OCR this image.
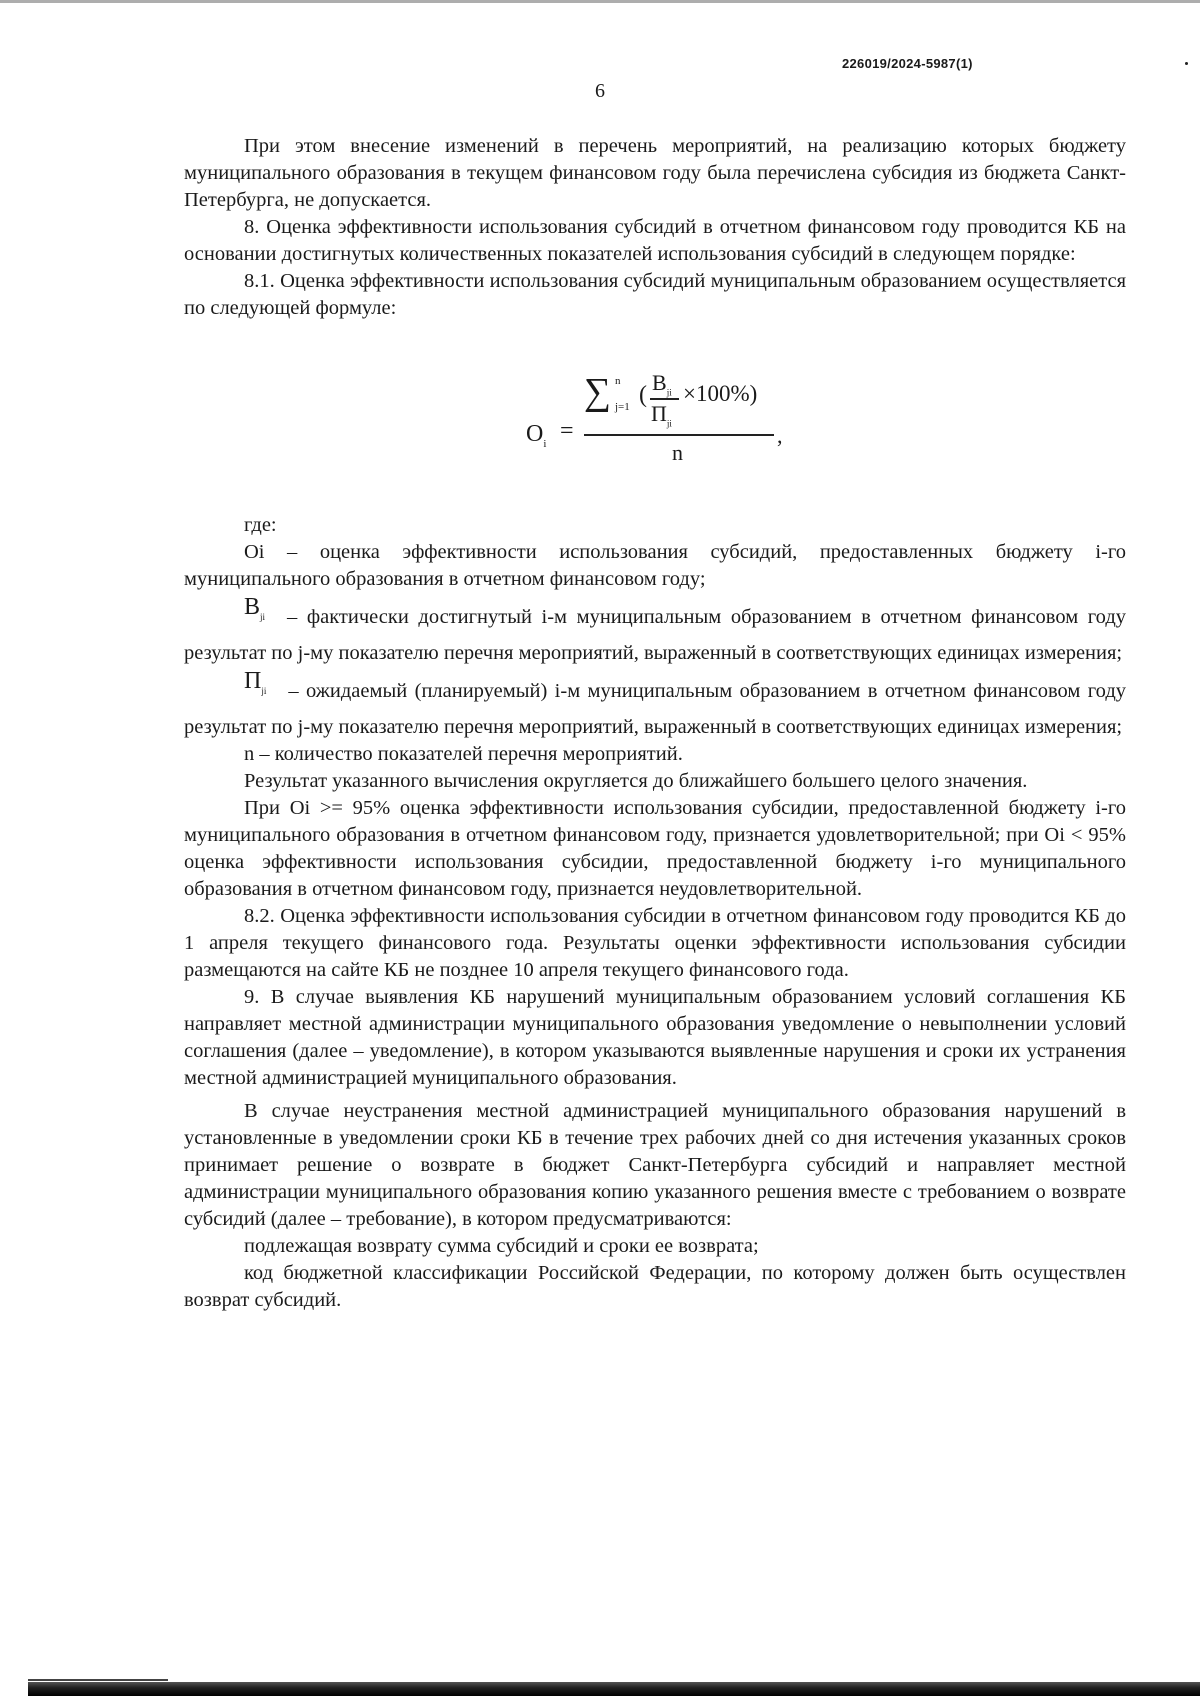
226019/2024-5987(1)
6

При этом внесение изменений в перечень мероприятий, на реализацию которых бюджету муниципального образования в текущем финансовом году была перечислена субсидия из бюджета Санкт-Петербурга, не допускается.

8. Оценка эффективности использования субсидий в отчетном финансовом году проводится КБ на основании достигнутых количественных показателей использования субсидий в следующем порядке:

8.1. Оценка эффективности использования субсидий муниципальным образованием осуществляется по следующей формуле:

$O_i$ =
∑ n
j=1 ( $B_{ji}$
$П_{ji}$
×100%)
n
,

где:

Oi – оценка эффективности использования субсидий, предоставленных бюджету i-го муниципального образования в отчетном финансовом году;

$B_{ji}$ – фактически достигнутый i-м муниципальным образованием в отчетном финансовом году результат по j-му показателю перечня мероприятий, выраженный в соответствующих единицах измерения;

$П_{ji}$ – ожидаемый (планируемый) i-м муниципальным образованием в отчетном финансовом году результат по j-му показателю перечня мероприятий, выраженный в соответствующих единицах измерения;

n – количество показателей перечня мероприятий.

Результат указанного вычисления округляется до ближайшего большего целого значения.

При Oi >= 95% оценка эффективности использования субсидии, предоставленной бюджету i-го муниципального образования в отчетном финансовом году, признается удовлетворительной; при Oi < 95% оценка эффективности использования субсидии, предоставленной бюджету i-го муниципального образования в отчетном финансовом году, признается неудовлетворительной.

8.2. Оценка эффективности использования субсидии в отчетном финансовом году проводится КБ до 1 апреля текущего финансового года. Результаты оценки эффективности использования субсидии размещаются на сайте КБ не позднее 10 апреля текущего финансового года.

9. В случае выявления КБ нарушений муниципальным образованием условий соглашения КБ направляет местной администрации муниципального образования уведомление о невыполнении условий соглашения (далее – уведомление), в котором указываются выявленные нарушения и сроки их устранения местной администрацией муниципального образования.

В случае неустранения местной администрацией муниципального образования нарушений в установленные в уведомлении сроки КБ в течение трех рабочих дней со дня истечения указанных сроков принимает решение о возврате в бюджет Санкт-Петербурга субсидий и направляет местной администрации муниципального образования копию указанного решения вместе с требованием о возврате субсидий (далее – требование), в котором предусматриваются:

подлежащая возврату сумма субсидий и сроки ее возврата;

код бюджетной классификации Российской Федерации, по которому должен быть осуществлен возврат субсидий.
